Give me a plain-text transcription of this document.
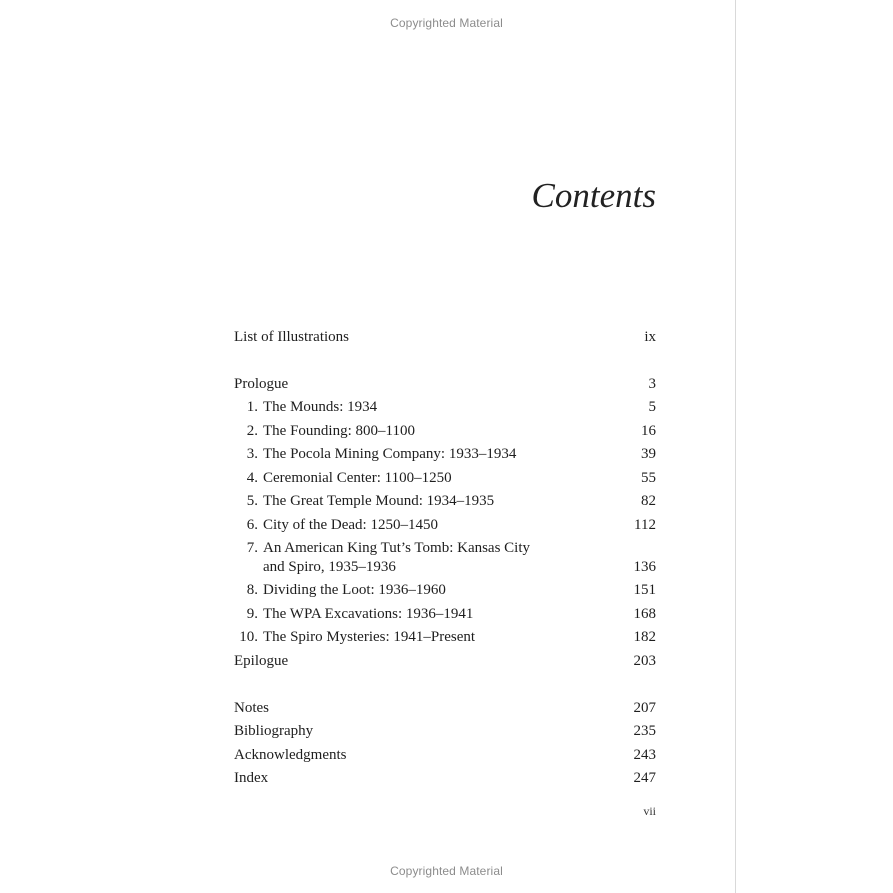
Copyrighted Material
Contents
List of Illustrations	ix
Prologue	3
1. The Mounds: 1934	5
2. The Founding: 800–1100	16
3. The Pocola Mining Company: 1933–1934	39
4. Ceremonial Center: 1100–1250	55
5. The Great Temple Mound: 1934–1935	82
6. City of the Dead: 1250–1450	112
7. An American King Tut’s Tomb: Kansas City
and Spiro, 1935–1936	136
8. Dividing the Loot: 1936–1960	151
9. The WPA Excavations: 1936–1941	168
10. The Spiro Mysteries: 1941–Present	182
Epilogue	203
Notes	207
Bibliography	235
Acknowledgments	243
Index	247
vii
Copyrighted Material
